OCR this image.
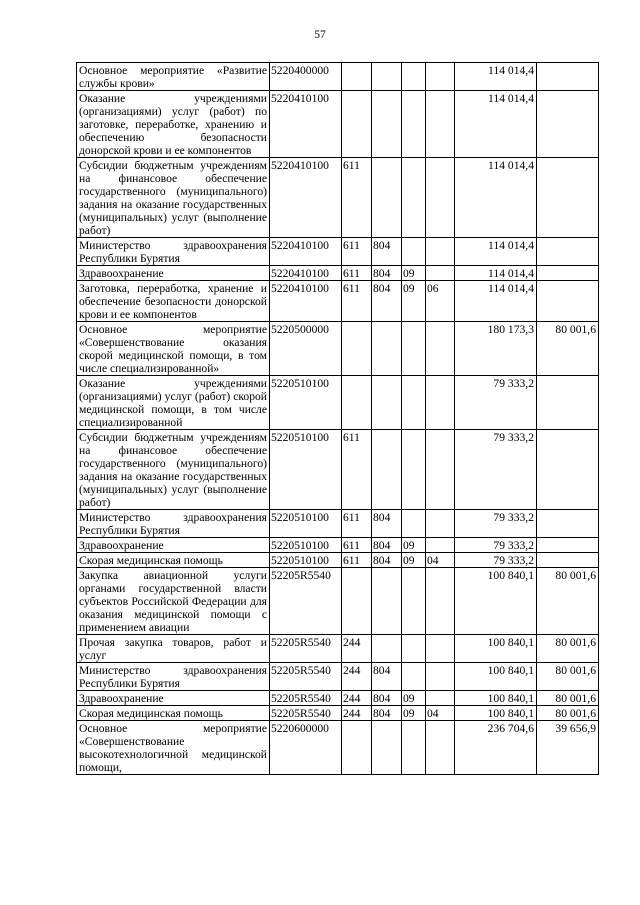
57
Основное мероприятие «Развитие службы крови»	5220400000					114 014,4	
Оказание учреждениями (организациями) услуг (работ) по заготовке, переработке, хранению и обеспечению безопасности донорской крови и ее компонентов	5220410100					114 014,4	
Субсидии бюджетным учреждениям на финансовое обеспечение государственного (муниципального) задания на оказание государственных (муниципальных) услуг (выполнение работ)	5220410100	611				114 014,4	
Министерство здравоохранения Республики Бурятия	5220410100	611	804			114 014,4	
Здравоохранение	5220410100	611	804	09		114 014,4	
Заготовка, переработка, хранение и обеспечение безопасности донорской крови и ее компонентов	5220410100	611	804	09	06	114 014,4	
Основное мероприятие «Совершенствование оказания скорой медицинской помощи, в том числе специализированной»	5220500000					180 173,3	80 001,6
Оказание учреждениями (организациями) услуг (работ) скорой медицинской помощи, в том числе специализированной	5220510100					79 333,2	
Субсидии бюджетным учреждениям на финансовое обеспечение государственного (муниципального) задания на оказание государственных (муниципальных) услуг (выполнение работ)	5220510100	611				79 333,2	
Министерство здравоохранения Республики Бурятия	5220510100	611	804			79 333,2	
Здравоохранение	5220510100	611	804	09		79 333,2	
Скорая медицинская помощь	5220510100	611	804	09	04	79 333,2	
Закупка авиационной услуги органами государственной власти субъектов Российской Федерации для оказания медицинской помощи с применением авиации	52205R5540					100 840,1	80 001,6
Прочая закупка товаров, работ и услуг	52205R5540	244				100 840,1	80 001,6
Министерство здравоохранения Республики Бурятия	52205R5540	244	804			100 840,1	80 001,6
Здравоохранение	52205R5540	244	804	09		100 840,1	80 001,6
Скорая медицинская помощь	52205R5540	244	804	09	04	100 840,1	80 001,6
Основное мероприятие «Совершенствование высокотехнологичной медицинской помощи,	5220600000					236 704,6	39 656,9
